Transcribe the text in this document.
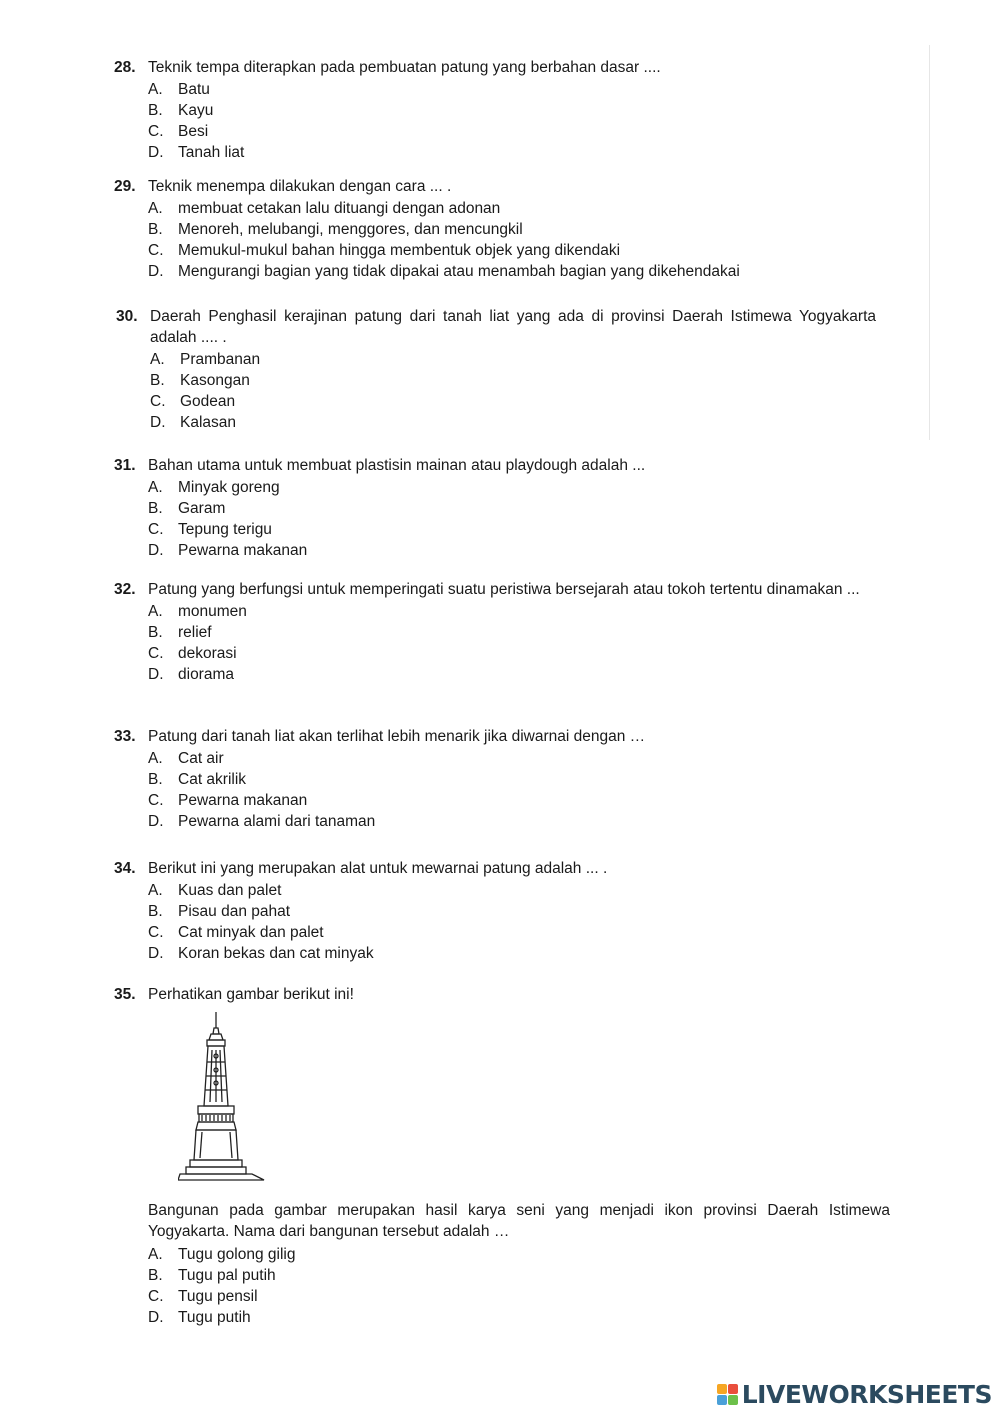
28. Teknik tempa diterapkan pada pembuatan patung yang berbahan dasar ....
A. Batu
B. Kayu
C. Besi
D. Tanah liat
29. Teknik menempa dilakukan dengan cara ... .
A. membuat cetakan lalu dituangi dengan adonan
B. Menoreh, melubangi, menggores, dan mencungkil
C. Memukul-mukul bahan hingga membentuk objek yang dikendaki
D. Mengurangi bagian yang tidak dipakai atau menambah bagian yang dikehendakai
30. Daerah Penghasil kerajinan patung dari tanah liat yang ada di provinsi Daerah Istimewa Yogyakarta adalah .... .
A. Prambanan
B. Kasongan
C. Godean
D. Kalasan
31. Bahan utama untuk membuat plastisin mainan atau playdough adalah ...
A. Minyak goreng
B. Garam
C. Tepung terigu
D. Pewarna makanan
32. Patung yang berfungsi untuk memperingati suatu peristiwa bersejarah atau tokoh tertentu dinamakan ...
A. monumen
B. relief
C. dekorasi
D. diorama
33. Patung dari tanah liat akan terlihat lebih menarik jika diwarnai dengan …
A. Cat air
B. Cat akrilik
C. Pewarna makanan
D. Pewarna alami dari tanaman
34. Berikut ini yang merupakan alat untuk mewarnai patung adalah ... .
A. Kuas dan palet
B. Pisau dan pahat
C. Cat minyak dan palet
D. Koran bekas dan cat minyak
35. Perhatikan gambar berikut ini!
Bangunan pada gambar merupakan hasil karya seni yang menjadi ikon provinsi Daerah Istimewa Yogyakarta. Nama dari bangunan tersebut adalah …
A. Tugu golong gilig
B. Tugu pal putih
C. Tugu pensil
D. Tugu putih
LIVEWORKSHEETS
